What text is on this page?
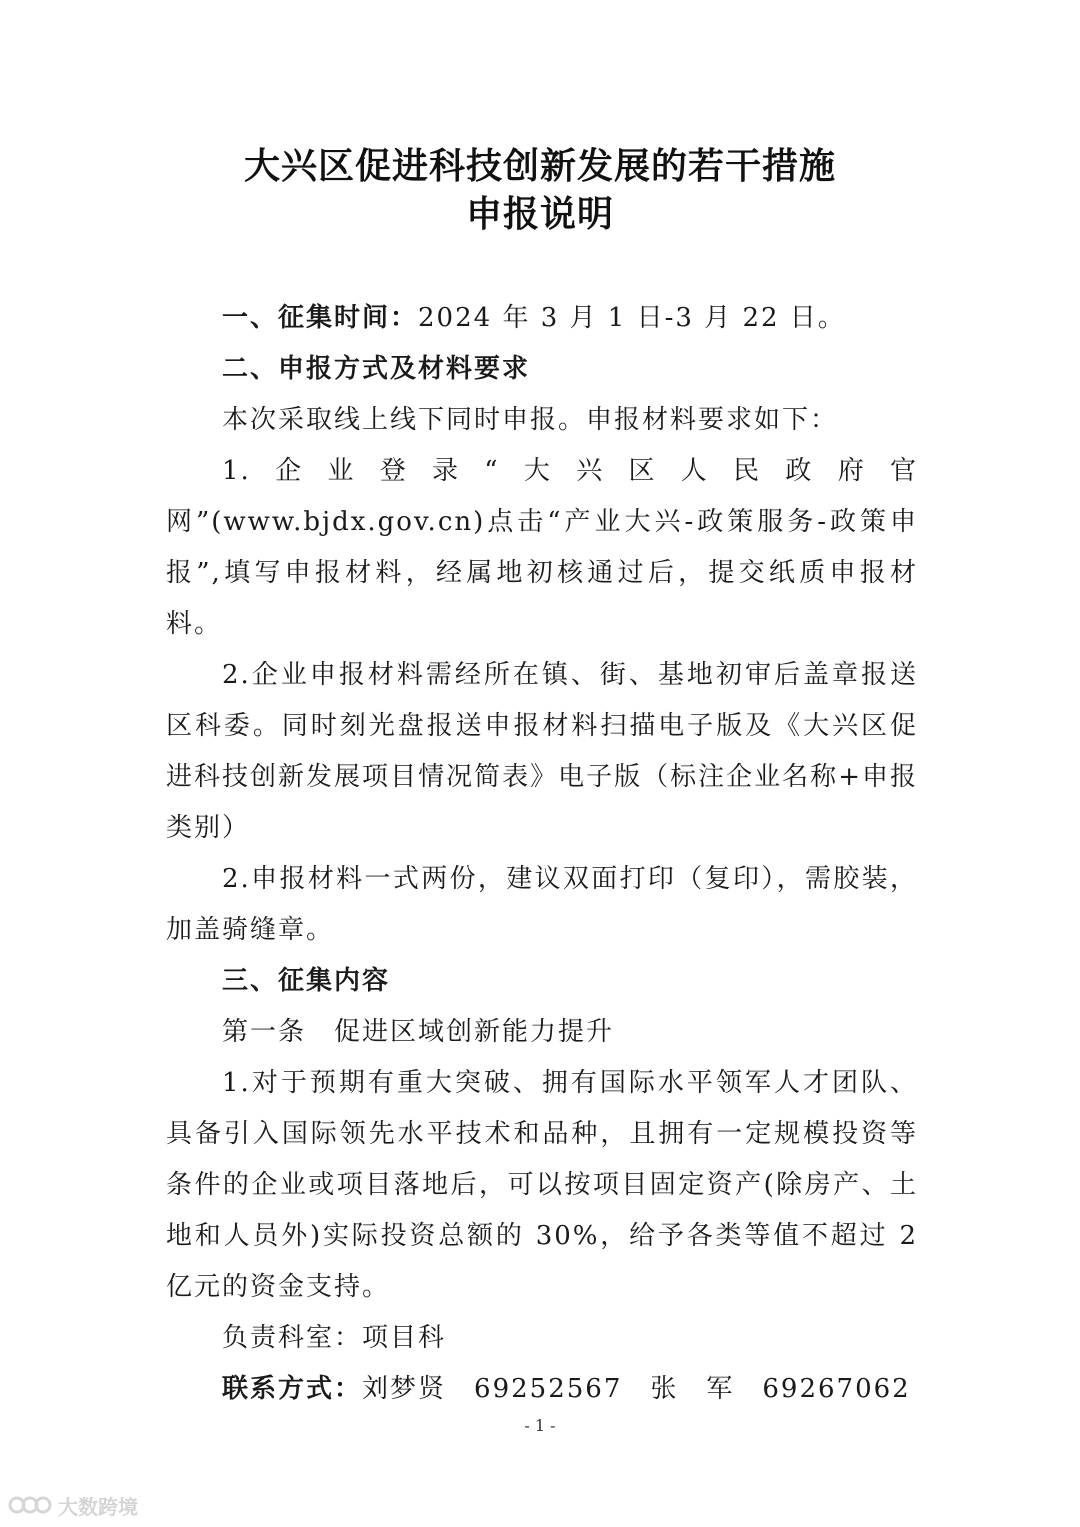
大兴区促进科技创新发展的若干措施
申报说明

一、征集时间：2024 年 3 月 1 日-3 月 22 日。

二、申报方式及材料要求

本次采取线上线下同时申报。申报材料要求如下：

1.企业登录“大兴区人民政府官网”(www.bjdx.gov.cn)点击“产业大兴-政策服务-政策申报”,填写申报材料，经属地初核通过后，提交纸质申报材料。

2.企业申报材料需经所在镇、街、基地初审后盖章报送区科委。同时刻光盘报送申报材料扫描电子版及《大兴区促进科技创新发展项目情况简表》电子版（标注企业名称+申报类别）

2.申报材料一式两份，建议双面打印（复印），需胶装，加盖骑缝章。

三、征集内容

第一条　促进区域创新能力提升

1.对于预期有重大突破、拥有国际水平领军人才团队、具备引入国际领先水平技术和品种，且拥有一定规模投资等条件的企业或项目落地后，可以按项目固定资产(除房产、土地和人员外)实际投资总额的 30%，给予各类等值不超过 2 亿元的资金支持。

负责科室：项目科

联系方式：刘梦贤 69252567 张　军 69267062

- 1 -
大数跨境
